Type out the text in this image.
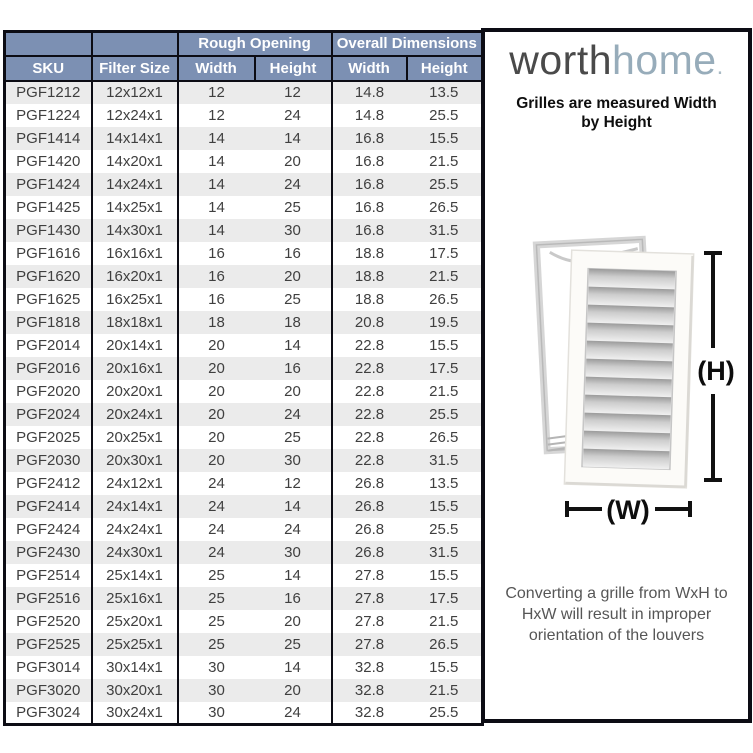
		Rough Opening		Overall Dimensions	
SKU	Filter Size	Width	Height	Width	Height
PGF1212	12x12x1	12	12	14.8	13.5
PGF1224	12x24x1	12	24	14.8	25.5
PGF1414	14x14x1	14	14	16.8	15.5
PGF1420	14x20x1	14	20	16.8	21.5
PGF1424	14x24x1	14	24	16.8	25.5
PGF1425	14x25x1	14	25	16.8	26.5
PGF1430	14x30x1	14	30	16.8	31.5
PGF1616	16x16x1	16	16	18.8	17.5
PGF1620	16x20x1	16	20	18.8	21.5
PGF1625	16x25x1	16	25	18.8	26.5
PGF1818	18x18x1	18	18	20.8	19.5
PGF2014	20x14x1	20	14	22.8	15.5
PGF2016	20x16x1	20	16	22.8	17.5
PGF2020	20x20x1	20	20	22.8	21.5
PGF2024	20x24x1	20	24	22.8	25.5
PGF2025	20x25x1	20	25	22.8	26.5
PGF2030	20x30x1	20	30	22.8	31.5
PGF2412	24x12x1	24	12	26.8	13.5
PGF2414	24x14x1	24	14	26.8	15.5
PGF2424	24x24x1	24	24	26.8	25.5
PGF2430	24x30x1	24	30	26.8	31.5
PGF2514	25x14x1	25	14	27.8	15.5
PGF2516	25x16x1	25	16	27.8	17.5
PGF2520	25x20x1	25	20	27.8	21.5
PGF2525	25x25x1	25	25	27.8	26.5
PGF3014	30x14x1	30	14	32.8	15.5
PGF3020	30x20x1	30	20	32.8	21.5
PGF3024	30x24x1	30	24	32.8	25.5
worthhome.
Grilles are measured Width by Height
(H)
(W)
Converting a grille from WxH to HxW will result in improper orientation of the louvers
